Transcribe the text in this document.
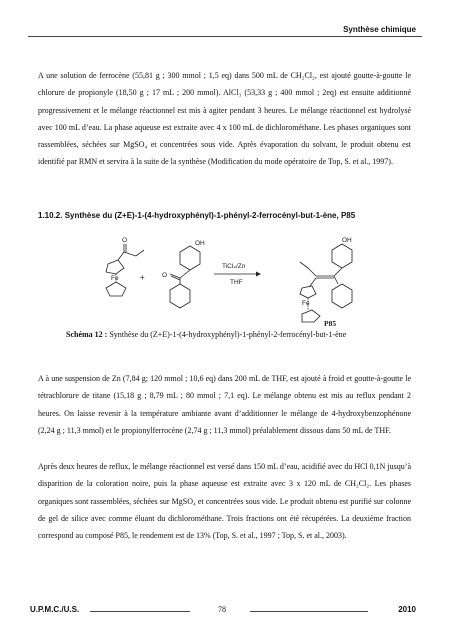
Synthèse chimique

A une solution de ferrocène (55,81 g ; 300 mmol ; 1,5 eq) dans 500 mL de CH₂Cl₂, est ajouté goutte-à-goutte le chlorure de propionyle (18,50 g ; 17 mL ; 200 mmol). AlCl₃ (53,33 g ; 400 mmol ; 2eq) est ensuite additionné progressivement et le mélange réactionnel est mis à agiter pendant 3 heures. Le mélange réactionnel est hydrolysé avec 100 mL d’eau. La phase aqueuse est extraite avec 4 x 100 mL de dichlorométhane. Les phases organiques sont rassemblées, séchées sur MgSO₄ et concentrées sous vide. Après évaporation du solvant, le produit obtenu est identifié par RMN et servira à la suite de la synthèse (Modification du mode opératoire de Top, S. et al., 1997).

1.10.2. Synthèse du (Z+E)-1-(4-hydroxyphényl)-1-phényl-2-ferrocényl-but-1-ène, P85

O
Fe	+
OH
O
TiCl₄/Zn
THF
OH
Fe
P85

Schéma 12 : Synthèse du (Z+E)-1-(4-hydroxyphényl)-1-phényl-2-ferrocényl-but-1-ène

A à une suspension de Zn (7,84 g; 120 mmol ; 10,6 eq) dans 200 mL de THF, est ajouté à froid et goutte-à-goutte le tétrachlorure de titane (15,18 g ; 8,79 mL ; 80 mmol ; 7,1 eq). Le mélange obtenu est mis au reflux pendant 2 heures. On laisse revenir à la température ambiante avant d’additionner le mélange de 4-hydroxybenzophénone (2,24 g ; 11,3 mmol) et le propionylferrocène (2,74 g ; 11,3 mmol) préalablement dissous dans 50 mL de THF.

Après deux heures de reflux, le mélange réactionnel est versé dans 150 mL d’eau, acidifié avec du HCl 0,1N jusqu’à disparition de la coloration noire, puis la phase aqueuse est extraite avec 3 x 120 mL de CH₂Cl₂. Les phases organiques sont rassemblées, séchées sur MgSO₄ et concentrées sous vide. Le produit obtenu est purifié sur colonne de gel de silice avec comme éluant du dichlorométhane. Trois fractions ont été récupérées. La deuxième fraction correspond au composé P85, le rendement est de 13% (Top, S. et al., 1997 ; Top, S. et al., 2003).

U.P.M.C./U.S.	78	2010
